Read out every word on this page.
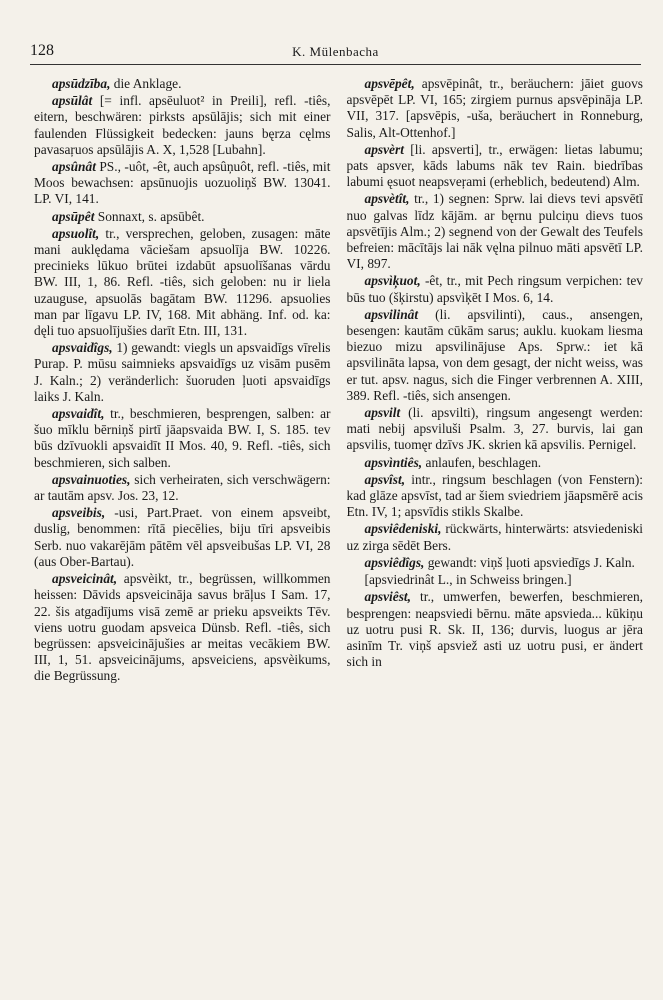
128	K. Mülenbacha

apsūdzība, die Anklage.

apsūlât [= infl. apsēuluot² in Preili], refl. -tiês, eitern, beschwären: pirksts apsūlājis; sich mit einer faulenden Flüssigkeit bedecken: jauns bęrza cęlms pavasaŗuos apsūlājis A. X, 1,528 [Lubahn].

apsûnât PS., -uôt, -êt, auch apsûņuôt, refl. -tiês, mit Moos bewachsen: apsūnuojis uozuoliņš BW. 13041. LP. VI, 141.

apsūpêt Sonnaxt, s. apsūbêt.

apsuolît, tr., versprechen, geloben, zusagen: māte mani auklędama vāciešam apsuolīja BW. 10226. precinieks lūkuo brūtei izdabūt apsuolīšanas vārdu BW. III, 1, 86. Refl. -tiês, sich geloben: nu ir liela uzauguse, apsuolās bagātam BW. 11296. apsuolies man par līgavu LP. IV, 168. Mit abhäng. Inf. od. ka: dęli tuo apsuolījušies darīt Etn. III, 131.

apsvaidîgs, 1) gewandt: viegls un apsvaidīgs vīrelis Purap. P. mūsu saimnieks apsvaidīgs uz visām pusēm J. Kaln.; 2) veränderlich: šuoruden ļuoti apsvaidīgs laiks J. Kaln.

apsvaidît, tr., beschmieren, besprengen, salben: ar šuo mīklu bērniņš pirtī jāapsvaida BW. I, S. 185. tev būs dzīvuokli apsvaidīt II Mos. 40, 9. Refl. -tiês, sich beschmieren, sich salben.

apsvainuoties, sich verheiraten, sich verschwägern: ar tautām apsv. Jos. 23, 12.

apsveibis, -usi, Part.Praet. von einem apsveibt, duslig, benommen: rītā piecēlies, biju tīri apsveibis Serb. nuo vakarējām pātēm vēl apsveibušas LP. VI, 28 (aus Ober-Bartau).

apsveicinât, apsvèikt, tr., begrüssen, willkommen heissen: Dāvids apsveicināja savus brāļus I Sam. 17, 22. šis atgadījums visā zemē ar prieku apsveikts Tēv. viens uotru guodam apsveica Dünsb. Refl. -tiês, sich begrüssen: apsveicinājušies ar meitas vecākiem BW. III, 1, 51. apsveicinājums, apsveiciens, apsvèikums, die Begrüssung.

apsvēpêt, apsvēpinât, tr., beräuchern: jāiet guovs apsvēpēt LP. VI, 165; zirgiem purnus apsvēpināja LP. VII, 317. [apsvēpis, -uša, beräuchert in Ronneburg, Salis, Alt-Ottenhof.]

apsvèrt [li. apsverti], tr., erwägen: lietas labumu; pats apsver, kāds labums nāk tev Rain. biedrības labumi ęsuot neapsveŗami (erheblich, bedeutend) Alm.

apsvètît, tr., 1) segnen: Sprw. lai dievs tevi apsvētī nuo galvas līdz kājām. ar bęrnu pulciņu dievs tuos apsvētījis Alm.; 2) segnend von der Gewalt des Teufels befreien: mācītājs lai nāk vęlna pilnuo māti apsvētī LP. VI, 897.

apsvìķuot, -êt, tr., mit Pech ringsum verpichen: tev būs tuo (šķirstu) apsvìķēt I Mos. 6, 14.

apsvilinât (li. apsvilinti), caus., ansengen, besengen: kautām cūkām sarus; auklu. kuokam liesma biezuo mizu apsvilinājuse Aps. Sprw.: iet kā apsvilināta lapsa, von dem gesagt, der nicht weiss, was er tut. apsv. nagus, sich die Finger verbrennen A. XIII, 389. Refl. -tiês, sich ansengen.

apsvilt (li. apsvilti), ringsum angesengt werden: mati nebij apsviluši Psalm. 3, 27. burvis, lai gan apsvilis, tuomęr dzīvs JK. skrien kā apsvilis. Pernigel.

apsvìntiês, anlaufen, beschlagen.

apsvîst, intr., ringsum beschlagen (von Fenstern): kad glāze apsvīst, tad ar šiem sviedriem jāapsmērē acis Etn. IV, 1; apsvīdis stikls Skalbe.

apsviêdeniski, rückwärts, hinterwärts: atsviedeniski uz zirga sēdēt Bers.

apsviêdîgs, gewandt: viņš ļuoti apsviedīgs J. Kaln.

[apsviedrinât L., in Schweiss bringen.]

apsviêst, tr., umwerfen, bewerfen, beschmieren, besprengen: neapsviedi bērnu. māte apsvieda... kūkiņu uz uotru pusi R. Sk. II, 136; durvis, luogus ar jēra asinīm Tr. viņš apsviež asti uz uotru pusi, er ändert sich in
